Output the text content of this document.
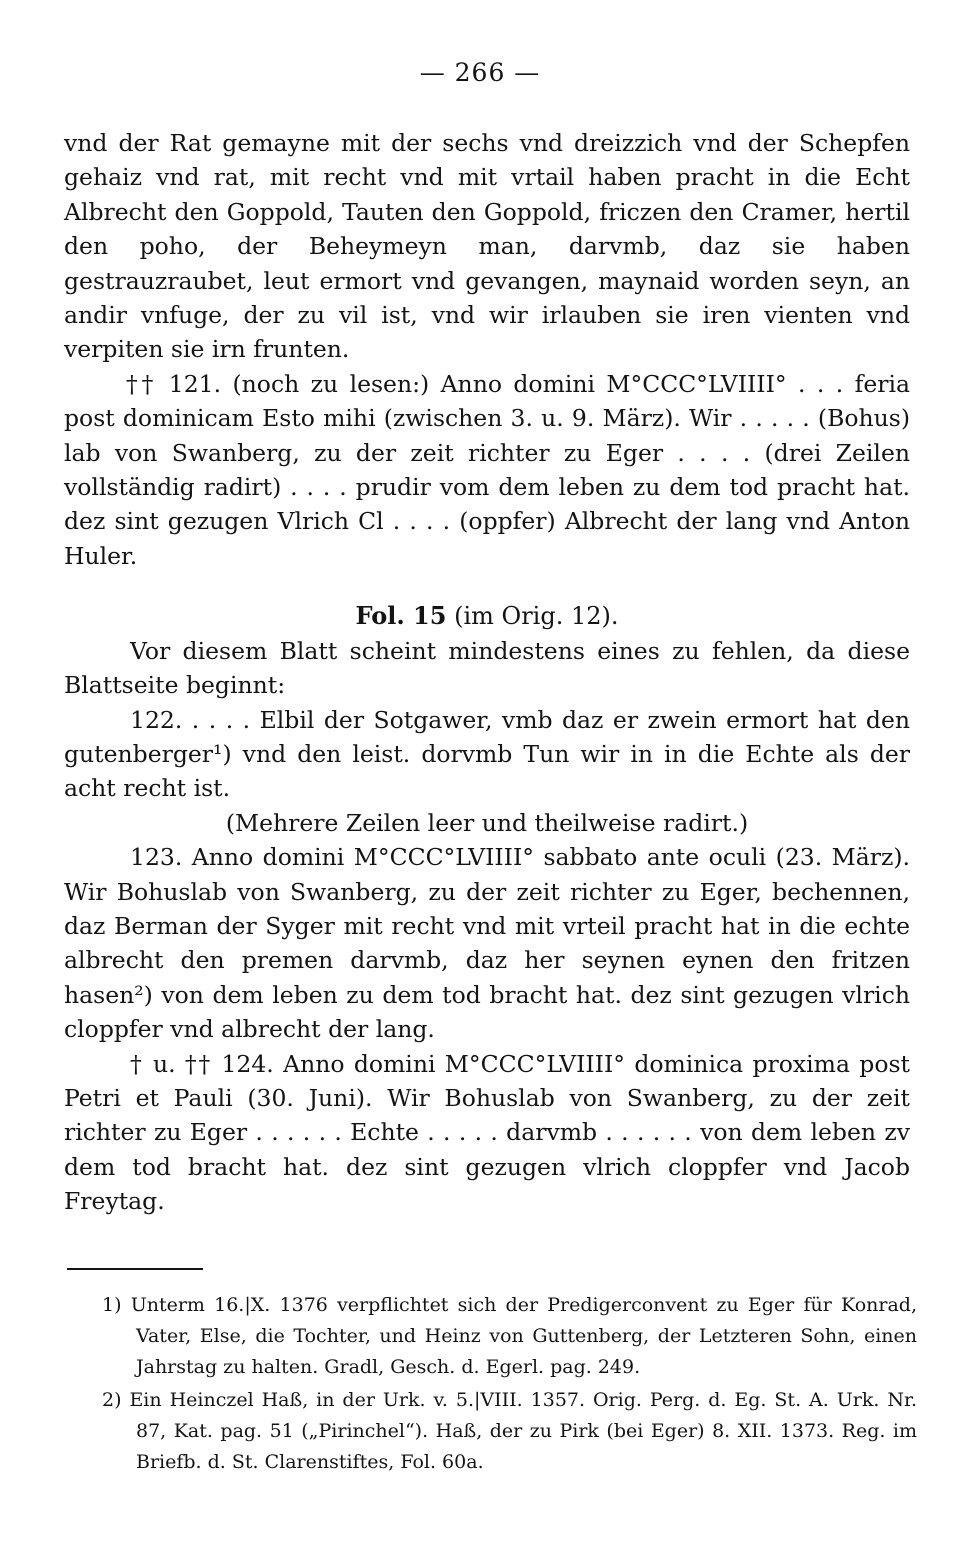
— 266 —

vnd der Rat gemayne mit der sechs vnd dreizzich vnd der Schepfen gehaiz vnd rat, mit recht vnd mit vrtail haben pracht in die Echt Albrecht den Goppold, Tauten den Goppold, friczen den Cramer, hertil den poho, der Beheymeyn man, darvmb, daz sie haben gestrauzraubet, leut ermort vnd gevangen, maynaid worden seyn, an andir vnfuge, der zu vil ist, vnd wir irlauben sie iren vienten vnd verpiten sie irn frunten.

†† 121. (noch zu lesen:) Anno domini M°CCC°LVIIII° . . . feria post dominicam Esto mihi (zwischen 3. u. 9. März). Wir . . . . . (Bohus) lab von Swanberg, zu der zeit richter zu Eger . . . . (drei Zeilen vollständig radirt) . . . . prudir vom dem leben zu dem tod pracht hat. dez sint gezugen Vlrich Cl . . . . (oppfer) Albrecht der lang vnd Anton Huler.

Fol. 15 (im Orig. 12).

Vor diesem Blatt scheint mindestens eines zu fehlen, da diese Blattseite beginnt:

122. . . . . Elbil der Sotgawer, vmb daz er zwein ermort hat den gutenberger¹) vnd den leist. dorvmb Tun wir in in die Echte als der acht recht ist.

(Mehrere Zeilen leer und theilweise radirt.)

123. Anno domini M°CCC°LVIIII° sabbato ante oculi (23. März). Wir Bohuslab von Swanberg, zu der zeit richter zu Eger, bechennen, daz Berman der Syger mit recht vnd mit vrteil pracht hat in die echte albrecht den premen darvmb, daz her seynen eynen den fritzen hasen²) von dem leben zu dem tod bracht hat. dez sint gezugen vlrich cloppfer vnd albrecht der lang.

† u. †† 124. Anno domini M°CCC°LVIIII° dominica proxima post Petri et Pauli (30. Juni). Wir Bohuslab von Swanberg, zu der zeit richter zu Eger . . . . . . Echte . . . . . darvmb . . . . . . von dem leben zv dem tod bracht hat. dez sint gezugen vlrich cloppfer vnd Jacob Freytag.

1) Unterm 16.|X. 1376 verpflichtet sich der Predigerconvent zu Eger für Konrad, Vater, Else, die Tochter, und Heinz von Guttenberg, der Letzteren Sohn, einen Jahrstag zu halten. Gradl, Gesch. d. Egerl. pag. 249.

2) Ein Heinczel Haß, in der Urk. v. 5.|VIII. 1357. Orig. Perg. d. Eg. St. A. Urk. Nr. 87, Kat. pag. 51 („Pirinchel“). Haß, der zu Pirk (bei Eger) 8. XII. 1373. Reg. im Briefb. d. St. Clarenstiftes, Fol. 60a.
